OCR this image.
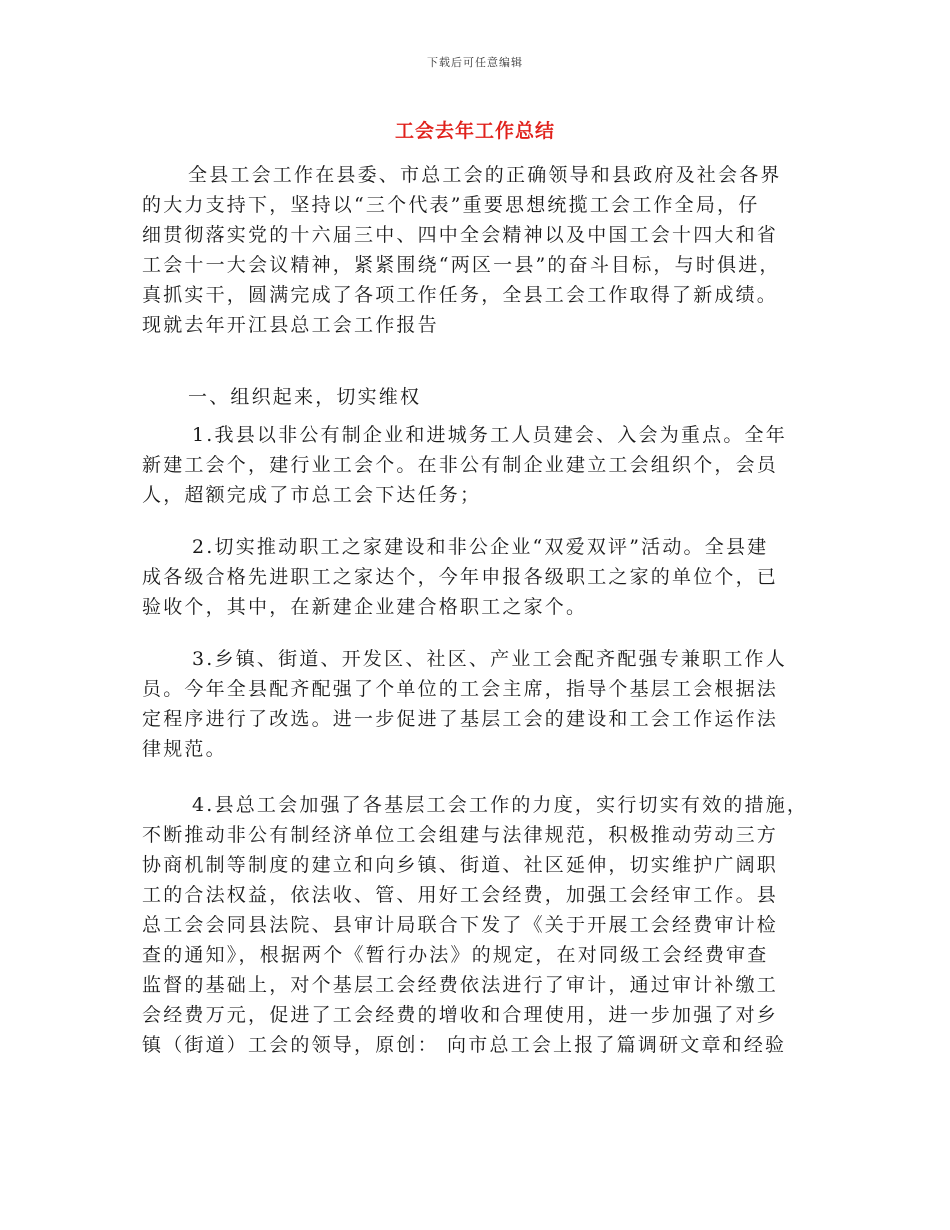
下载后可任意编辑
工会去年工作总结
全县工会工作在县委、市总工会的正确领导和县政府及社会各界
的大力支持下，坚持以“三个代表”重要思想统揽工会工作全局，仔
细贯彻落实党的十六届三中、四中全会精神以及中国工会十四大和省
工会十一大会议精神，紧紧围绕“两区一县”的奋斗目标，与时俱进，
真抓实干，圆满完成了各项工作任务，全县工会工作取得了新成绩。
现就去年开江县总工会工作报告
一、组织起来，切实维权
1.我县以非公有制企业和进城务工人员建会、入会为重点。全年
新建工会个，建行业工会个。在非公有制企业建立工会组织个，会员
人，超额完成了市总工会下达任务；
2.切实推动职工之家建设和非公企业“双爱双评”活动。全县建
成各级合格先进职工之家达个，今年申报各级职工之家的单位个，已
验收个，其中，在新建企业建合格职工之家个。
3.乡镇、街道、开发区、社区、产业工会配齐配强专兼职工作人
员。今年全县配齐配强了个单位的工会主席，指导个基层工会根据法
定程序进行了改选。进一步促进了基层工会的建设和工会工作运作法
律规范。
4.县总工会加强了各基层工会工作的力度，实行切实有效的措施，
不断推动非公有制经济单位工会组建与法律规范，积极推动劳动三方
协商机制等制度的建立和向乡镇、街道、社区延伸，切实维护广阔职
工的合法权益，依法收、管、用好工会经费，加强工会经审工作。县
总工会会同县法院、县审计局联合下发了《关于开展工会经费审计检
查的通知》，根据两个《暂行办法》的规定，在对同级工会经费审查
监督的基础上，对个基层工会经费依法进行了审计，通过审计补缴工
会经费万元，促进了工会经费的增收和合理使用，进一步加强了对乡
镇（街道）工会的领导，原创： 向市总工会上报了篇调研文章和经验
